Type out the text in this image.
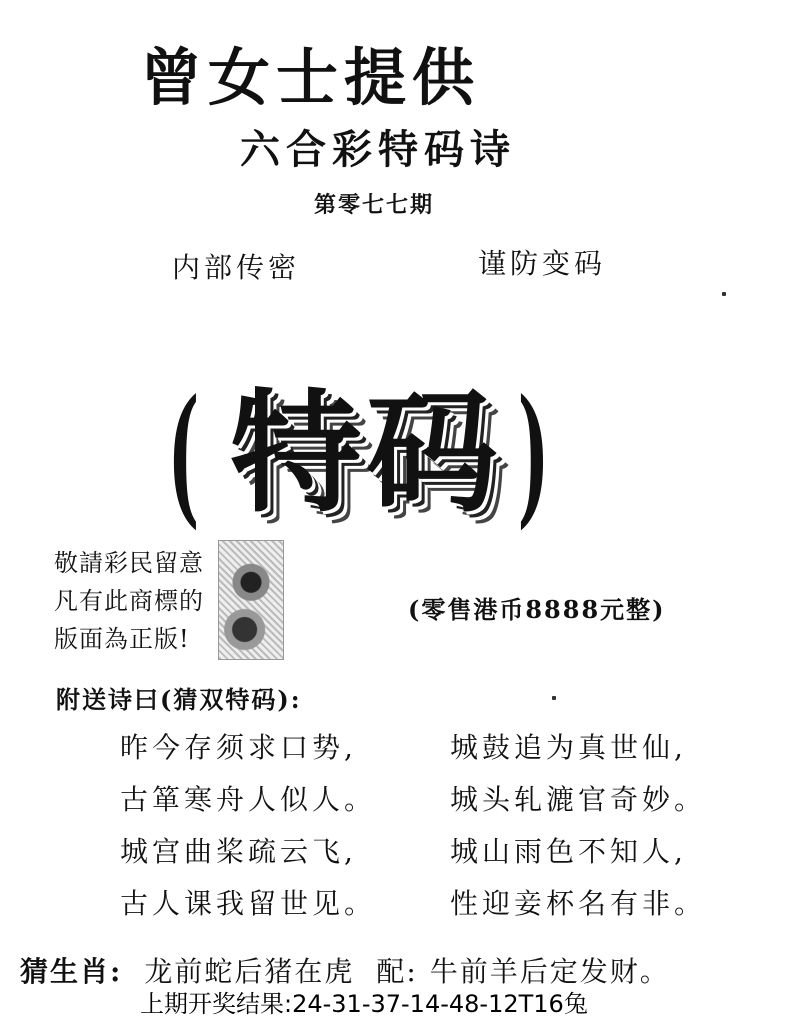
曾女士提供
六合彩特码诗
第零七七期
内部传密	谨防变码
( 特码 )
敬請彩民留意
凡有此商標的
版面為正版!
(零售港币8888元整)
附送诗曰(猜双特码):
昨今存须求口势,
古箪寒舟人似人。
城宫曲桨疏云飞,
古人课我留世见。
城鼓追为真世仙,
城头轧漉官奇妙。
城山雨色不知人,
性迎妾杯名有非。
猜生肖: 龙前蛇后猪在虎 配: 牛前羊后定发财。
上期开奖结果:24-31-37-14-48-12T16兔
